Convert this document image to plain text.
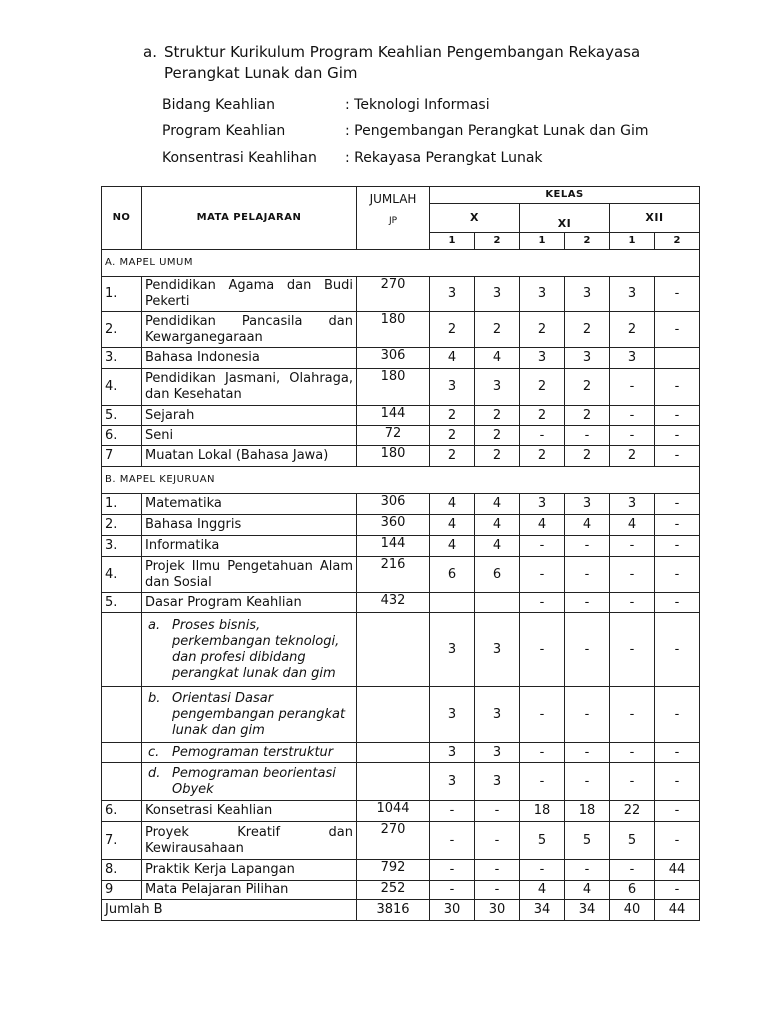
a. Struktur Kurikulum Program Keahlian Pengembangan Rekayasa Perangkat Lunak dan Gim
Bidang Keahlian	: Teknologi Informasi
Program Keahlian	: Pengembangan Perangkat Lunak dan Gim
Konsentrasi Keahlihan : Rekayasa Perangkat Lunak
NO	MATA PELAJARAN	JUMLAH
JP	KELAS					
			X		XI		XII	
			1	2	1	2	1	2
A. MAPEL UMUM								
1.	Pendidikan Agama dan Budi Pekerti	270	3	3	3	3	3	-
2.	Pendidikan Pancasila dan Kewarganegaraan	180	2	2	2	2	2	-
3.	Bahasa Indonesia	306	4	4	3	3	3	
4.	Pendidikan Jasmani, Olahraga, dan Kesehatan	180	3	3	2	2	-	-
5.	Sejarah	144	2	2	2	2	-	-
6.	Seni	72	2	2	-	-	-	-
7	Muatan Lokal (Bahasa Jawa)	180	2	2	2	2	2	-
B. MAPEL KEJURUAN								
1.	Matematika	306	4	4	3	3	3	-
2.	Bahasa Inggris	360	4	4	4	4	4	-
3.	Informatika	144	4	4	-	-	-	-
4.	Projek Ilmu Pengetahuan Alam dan Sosial	216	6	6	-	-	-	-
5.	Dasar Program Keahlian	432			-	-	-	-

	a. Proses bisnis, perkembangan teknologi, dan profesi dibidang perangkat lunak dan gim		3	3	-	-	-	-

	b. Orientasi Dasar pengembangan perangkat lunak dan gim		3	3	-	-	-	-

	c. Pemograman terstruktur		3	3	-	-	-	-

	d. Pemograman beorientasi Obyek		3	3	-	-	-	-
6.	Konsetrasi Keahlian	1044	-	-	18	18	22	-
7.	Proyek Kreatif dan Kewirausahaan	270	-	-	5	5	5	-
8.	Praktik Kerja Lapangan	792	-	-	-	-	-	44
9	Mata Pelajaran Pilihan	252	-	-	4	4	6	-
Jumlah B		3816	30	30	34	34	40	44
